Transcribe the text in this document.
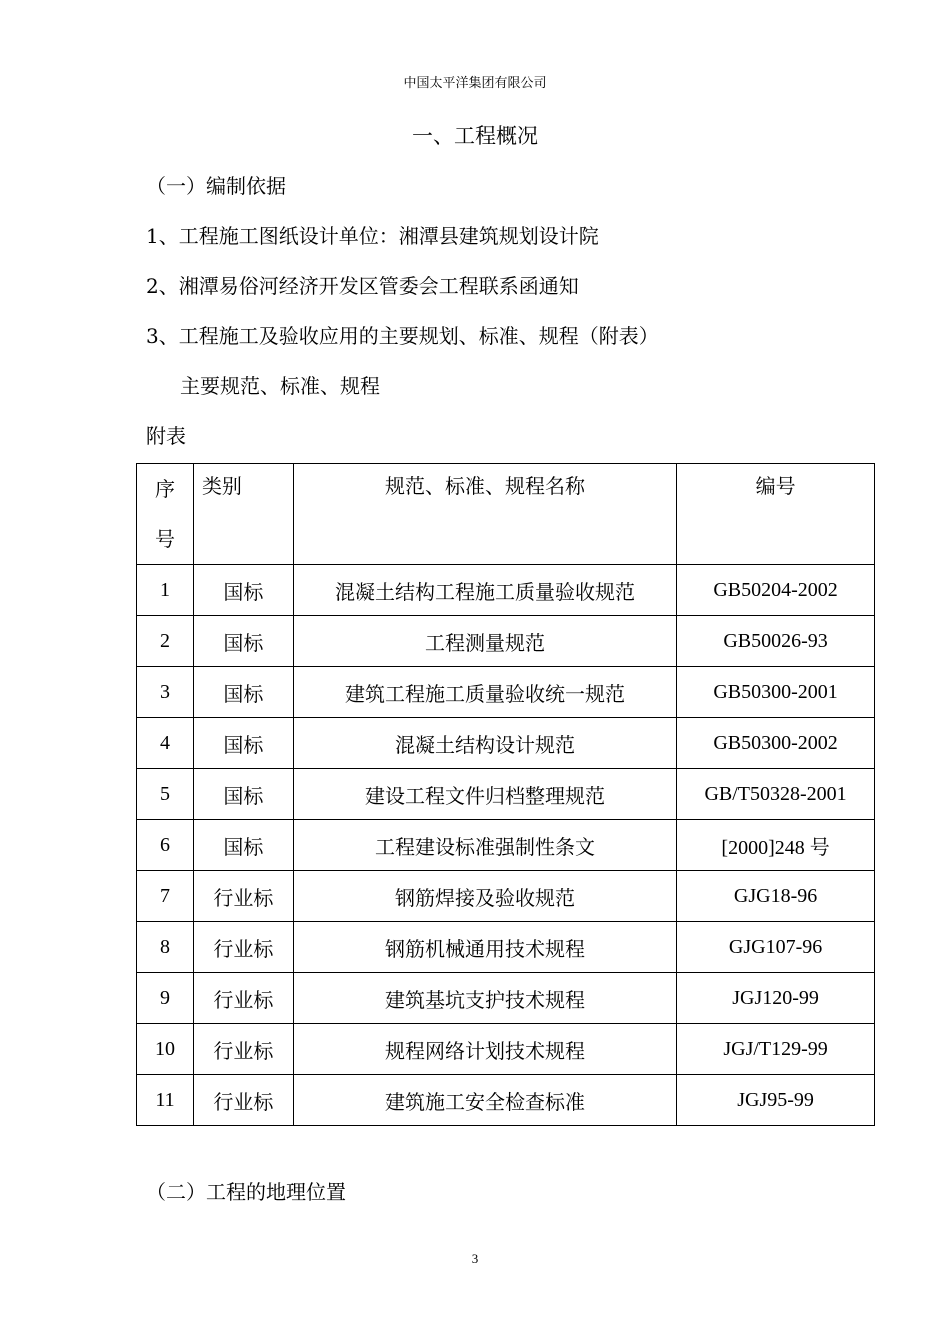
中国太平洋集团有限公司
一、工程概况
（一）编制依据
1、工程施工图纸设计单位：湘潭县建筑规划设计院
2、湘潭易俗河经济开发区管委会工程联系函通知
3、工程施工及验收应用的主要规划、标准、规程（附表）
主要规范、标准、规程
附表
序号	类别	规范、标准、规程名称	编号

1	国标	混凝土结构工程施工质量验收规范	GB50204-2002
2	国标	工程测量规范	GB50026-93
3	国标	建筑工程施工质量验收统一规范	GB50300-2001
4	国标	混凝土结构设计规范	GB50300-2002
5	国标	建设工程文件归档整理规范	GB/T50328-2001
6	国标	工程建设标准强制性条文	[2000]248 号
7	行业标	钢筋焊接及验收规范	GJG18-96
8	行业标	钢筋机械通用技术规程	GJG107-96
9	行业标	建筑基坑支护技术规程	JGJ120-99
10	行业标	规程网络计划技术规程	JGJ/T129-99
11	行业标	建筑施工安全检查标准	JGJ95-99
（二）工程的地理位置
3
